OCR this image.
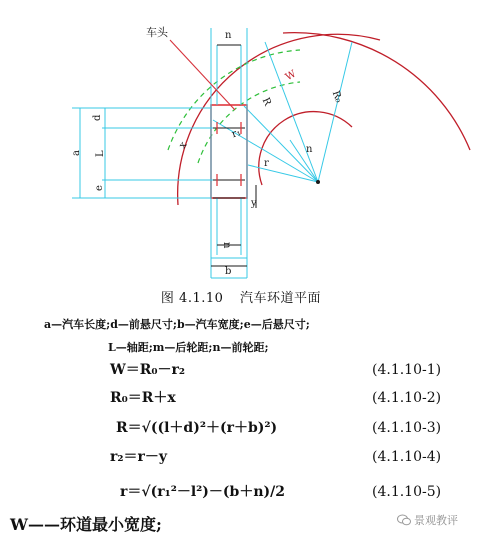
车头	n
n
b
d
a L
e
x
r₁
R	R₀
r
n
y
W
图 4.1.10 汽车环道平面
a—汽车长度;d—前悬尺寸;b—汽车宽度;e—后悬尺寸;
L—轴距;m—后轮距;n—前轮距;
W＝R₀－r₂	(4.1.10-1)
R₀＝R＋x	(4.1.10-2)
R＝√((l＋d)²＋(r＋b)²)	(4.1.10-3)
r₂＝r－y	(4.1.10-4)
r＝√(r₁²－l²)－(b＋n)/2	(4.1.10-5)
W——环道最小宽度;	景观教评
